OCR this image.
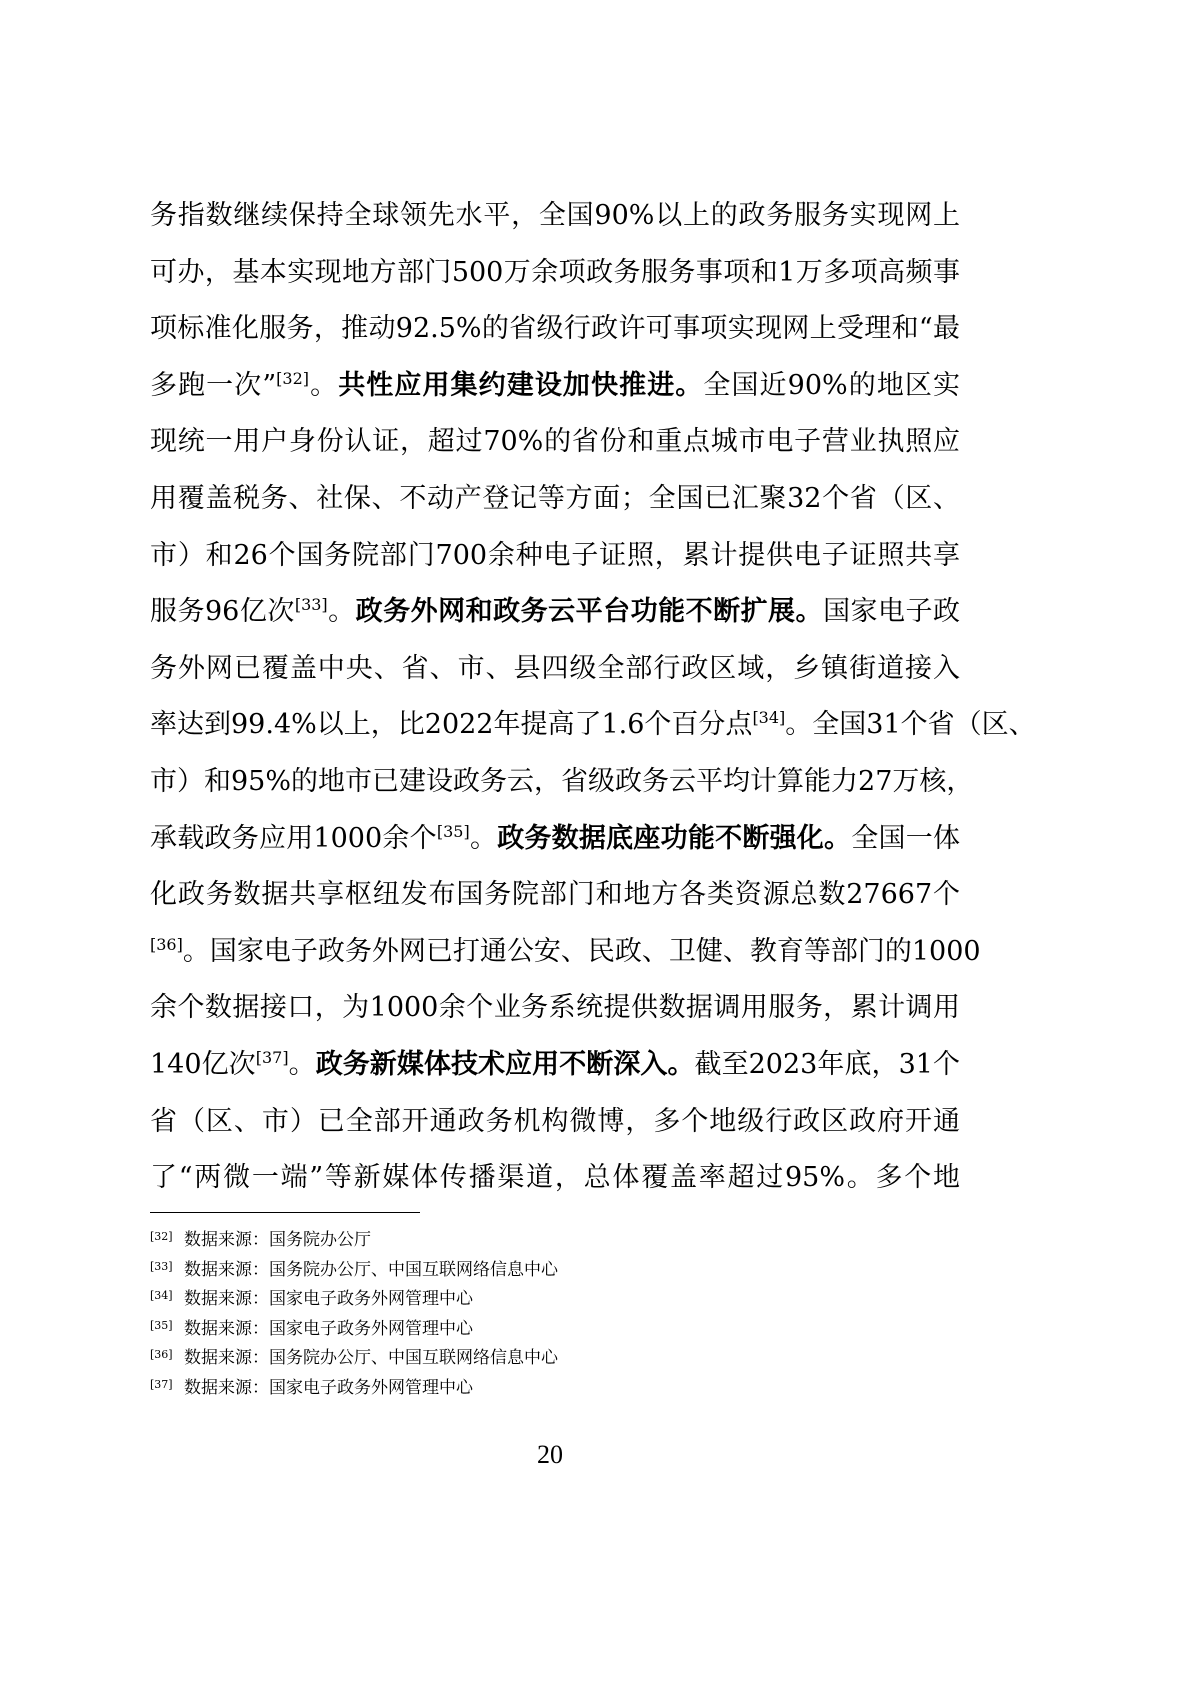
务指数继续保持全球领先水平，全国90%以上的政务服务实现网上
可办，基本实现地方部门500万余项政务服务事项和1万多项高频事
项标准化服务，推动92.5%的省级行政许可事项实现网上受理和“最
多跑一次”[32]。共性应用集约建设加快推进。全国近90%的地区实
现统一用户身份认证，超过70%的省份和重点城市电子营业执照应
用覆盖税务、社保、不动产登记等方面；全国已汇聚32个省（区、
市）和26个国务院部门700余种电子证照，累计提供电子证照共享
服务96亿次[33]。政务外网和政务云平台功能不断扩展。国家电子政
务外网已覆盖中央、省、市、县四级全部行政区域，乡镇街道接入
率达到99.4%以上，比2022年提高了1.6个百分点[34]。全国31个省（区、
市）和95%的地市已建设政务云，省级政务云平均计算能力27万核，
承载政务应用1000余个[35]。政务数据底座功能不断强化。全国一体
化政务数据共享枢纽发布国务院部门和地方各类资源总数27667个
[36]。国家电子政务外网已打通公安、民政、卫健、教育等部门的1000
余个数据接口，为1000余个业务系统提供数据调用服务，累计调用
140亿次[37]。政务新媒体技术应用不断深入。截至2023年底，31个
省（区、市）已全部开通政务机构微博，多个地级行政区政府开通
了“两微一端”等新媒体传播渠道，总体覆盖率超过95%。多个地
[32] 数据来源：国务院办公厅
[33] 数据来源：国务院办公厅、中国互联网络信息中心
[34] 数据来源：国家电子政务外网管理中心
[35] 数据来源：国家电子政务外网管理中心
[36] 数据来源：国务院办公厅、中国互联网络信息中心
[37] 数据来源：国家电子政务外网管理中心
20
